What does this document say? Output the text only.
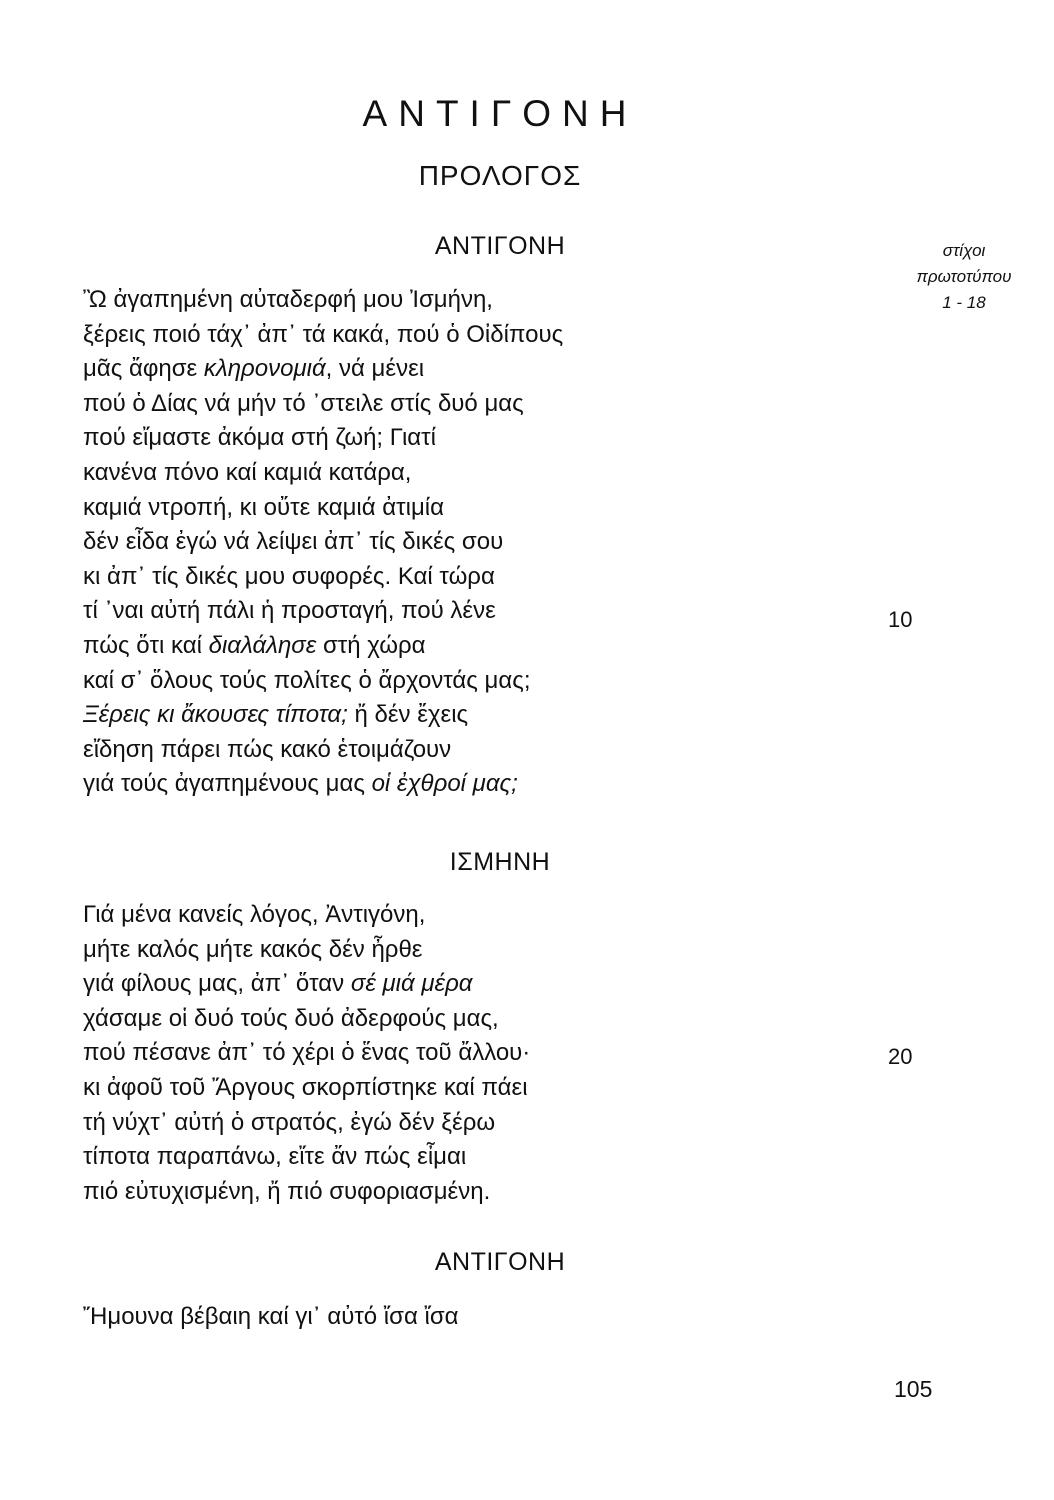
ΑΝΤΙΓΟΝΗ
ΠΡΟΛΟΓΟΣ
στίχοι
πρωτοτύπου
1 - 18
ΑΝΤΙΓΟΝΗ
Ὢ ἀγαπημένη αὐταδερφή μου Ἰσμήνη,
ξέρεις ποιό τάχ᾽ ἀπ᾽ τά κακά, πού ὁ Οἰδίπους
μᾶς ἄφησε κληρονομιά, νά μένει
πού ὁ Δίας νά μήν τό ᾽στειλε στίς δυό μας
πού εἴμαστε ἀκόμα στή ζωή; Γιατί
κανένα πόνο καί καμιά κατάρα,
καμιά ντροπή, κι οὔτε καμιά ἀτιμία
δέν εἶδα ἐγώ νά λείψει ἀπ᾽ τίς δικές σου
κι ἀπ᾽ τίς δικές μου συφορές. Καί τώρα
τί ᾽ναι αὐτή πάλι ἡ προσταγή, πού λένε
πώς ὅτι καί διαλάλησε στή χώρα
καί σ᾽ ὅλους τούς πολίτες ὁ ἄρχοντάς μας;
Ξέρεις κι ἄκουσες τίποτα; ἤ δέν ἔχεις
εἴδηση πάρει πώς κακό ἑτοιμάζουν
γιά τούς ἀγαπημένους μας οἱ ἐχθροί μας;
ΙΣΜΗΝΗ
Γιά μένα κανείς λόγος, Ἀντιγόνη,
μήτε καλός μήτε κακός δέν ἦρθε
γιά φίλους μας, ἀπ᾽ ὅταν σέ μιά μέρα
χάσαμε οἱ δυό τούς δυό ἀδερφούς μας,
πού πέσανε ἀπ᾽ τό χέρι ὁ ἕνας τοῦ ἄλλου·
κι ἀφοῦ τοῦ Ἄργους σκορπίστηκε καί πάει
τή νύχτ᾽ αὐτή ὁ στρατός, ἐγώ δέν ξέρω
τίποτα παραπάνω, εἴτε ἄν πώς εἶμαι
πιό εὐτυχισμένη, ἤ πιό συφοριασμένη.
ΑΝΤΙΓΟΝΗ
Ἤμουνα βέβαιη καί γι᾽ αὐτό ἴσα ἴσα
10
20
105
